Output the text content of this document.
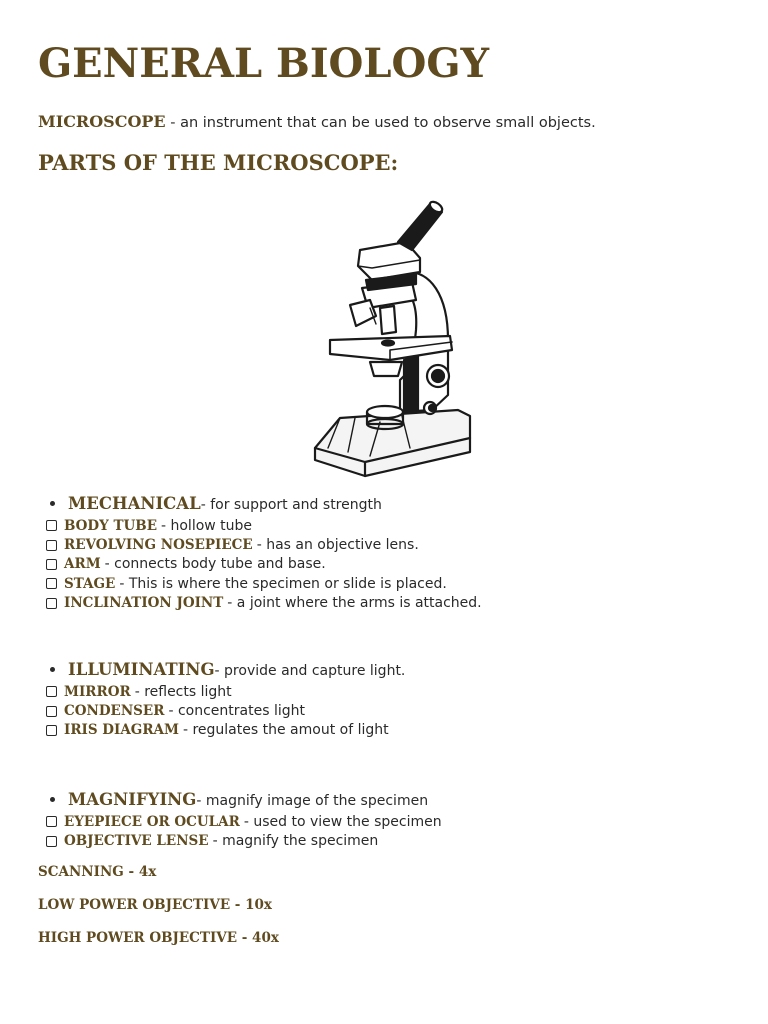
GENERAL BIOLOGY
MICROSCOPE - an instrument that can be used to observe small objects.
PARTS OF THE MICROSCOPE:
MECHANICAL - for support and strength
BODY TUBE - hollow tube
REVOLVING NOSEPIECE - has an objective lens.
ARM - connects body tube and base.
STAGE - This is where the specimen or slide is placed.
INCLINATION JOINT - a joint where the arms is attached.
ILLUMINATING - provide and capture light.
MIRROR - reflects light
CONDENSER - concentrates light
IRIS DIAGRAM - regulates the amout of light
MAGNIFYING - magnify image of the specimen
EYEPIECE OR OCULAR - used to view the specimen
OBJECTIVE LENSE - magnify the specimen
SCANNING - 4x
LOW POWER OBJECTIVE - 10x
HIGH POWER OBJECTIVE - 40x
